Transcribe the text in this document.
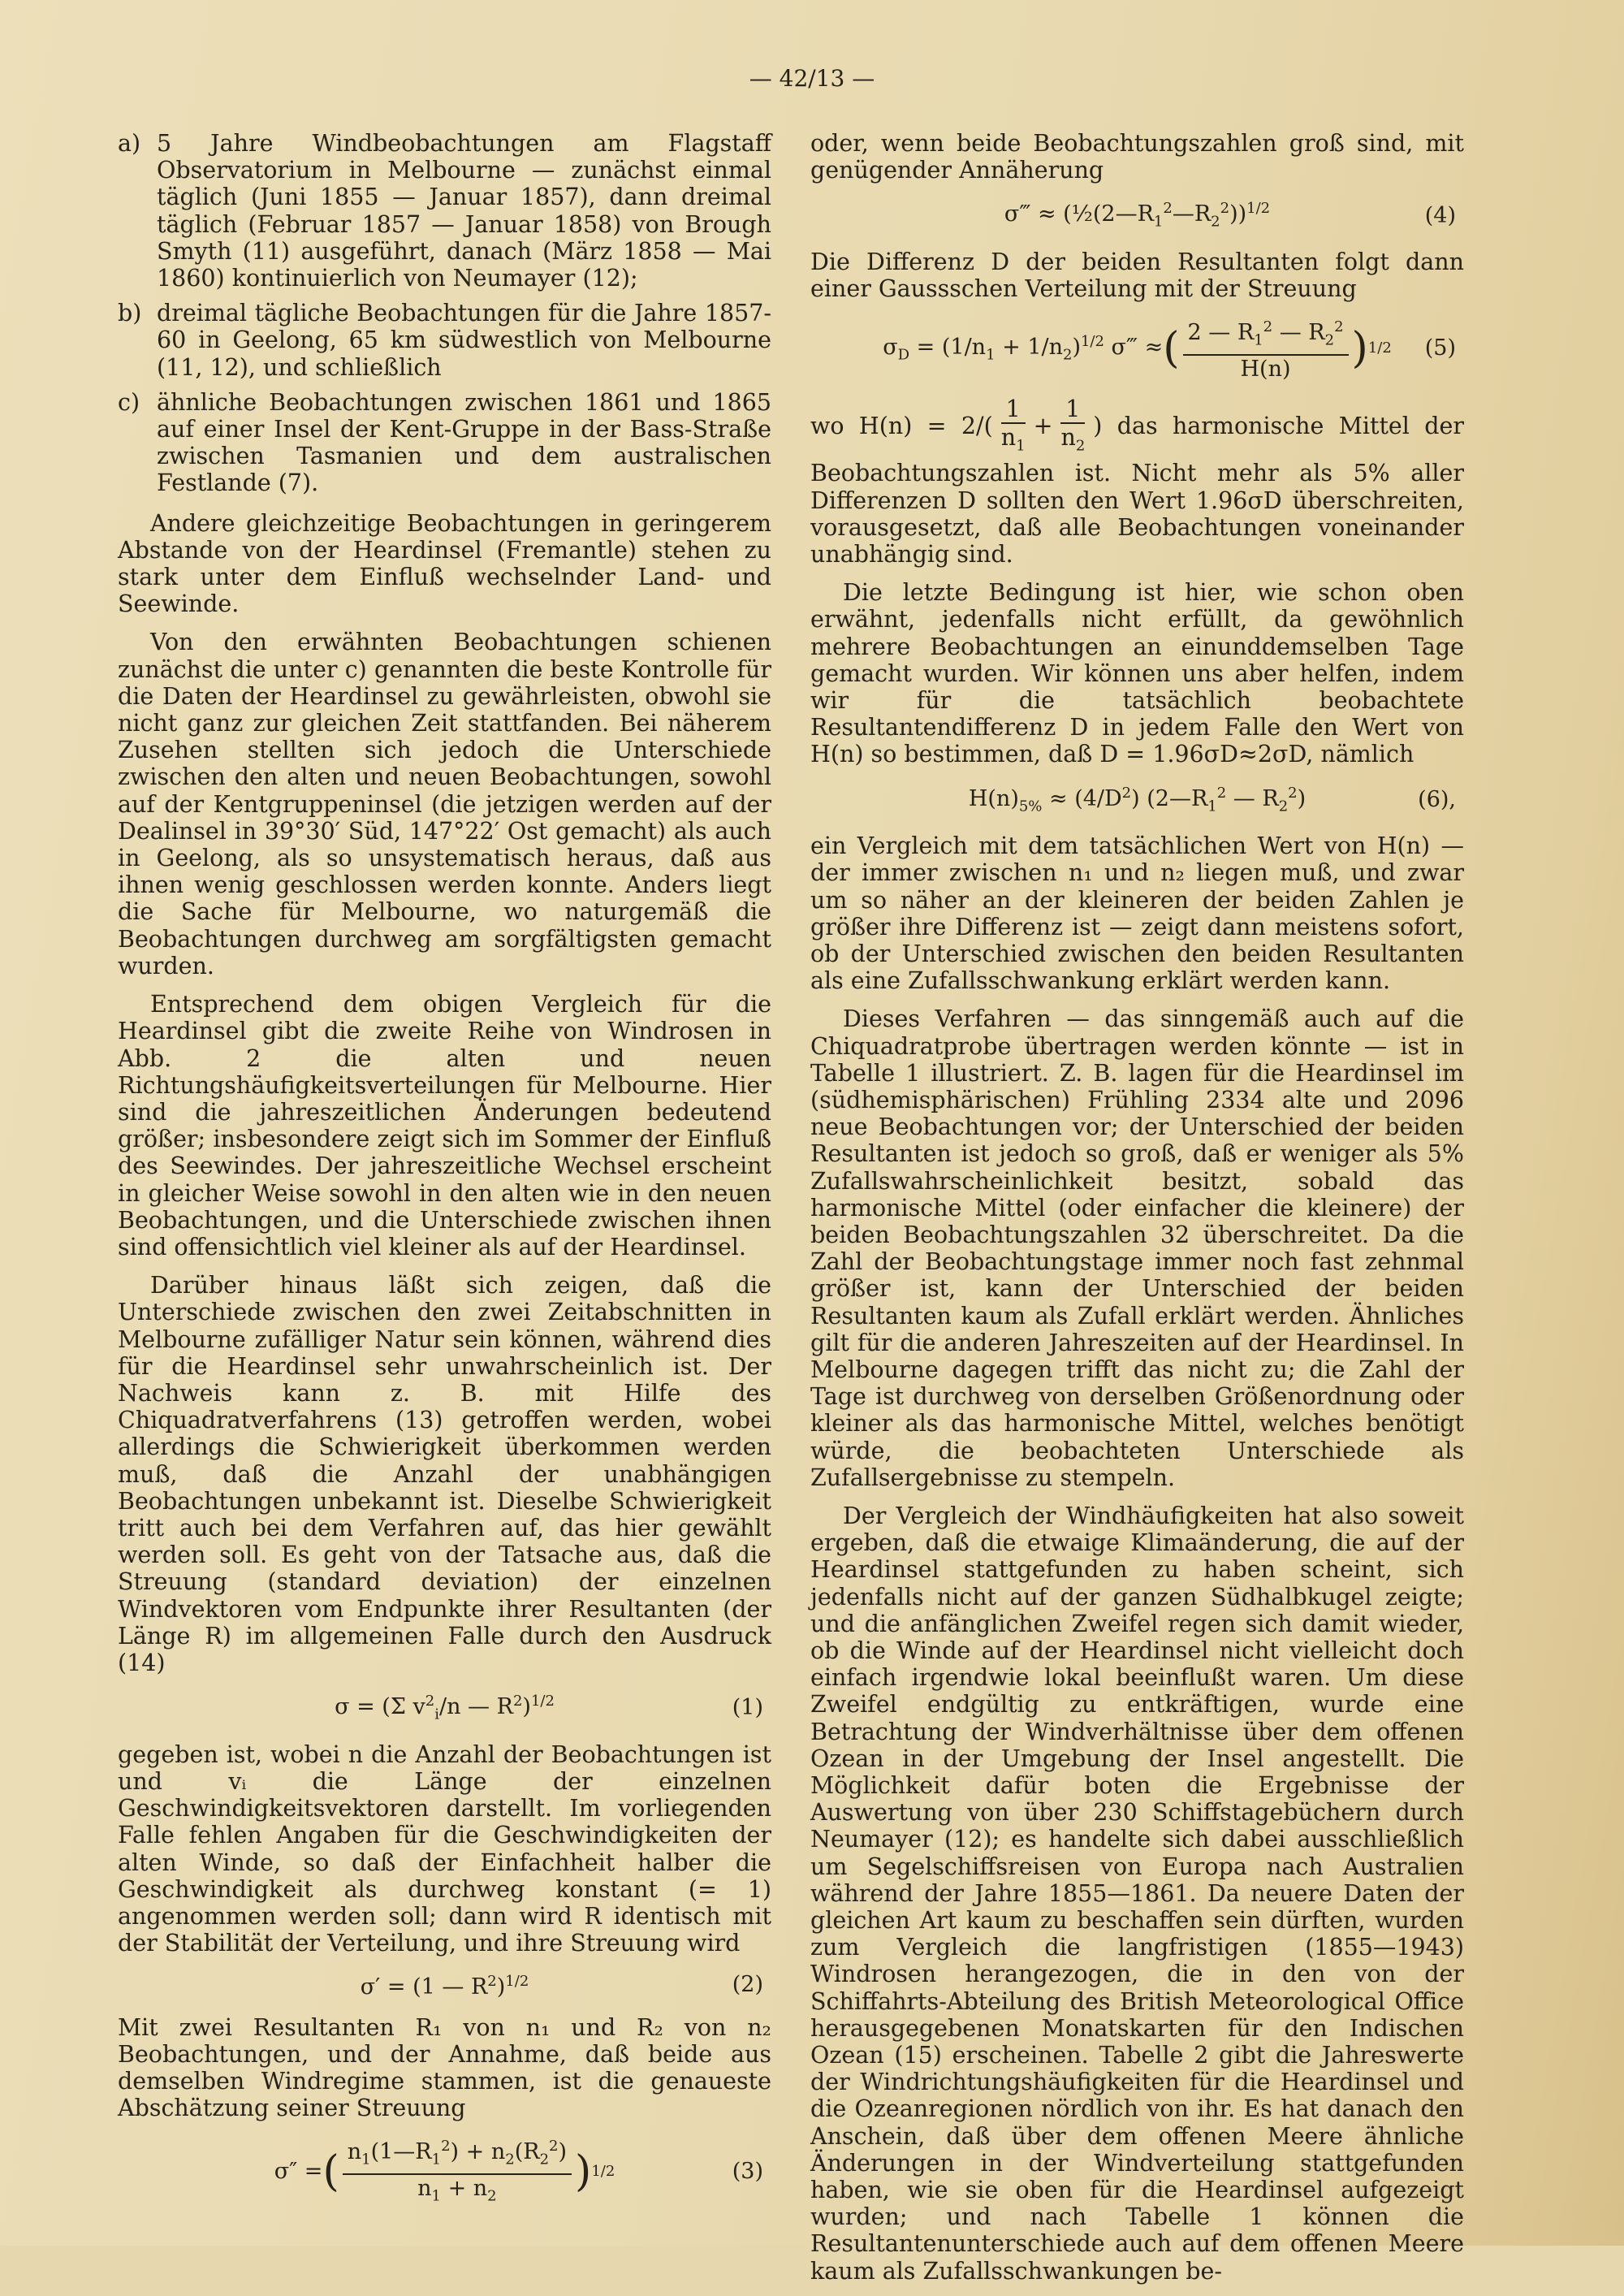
— 42/13 —
a) 5 Jahre Windbeobachtungen am Flagstaff Observatorium in Melbourne — zunächst einmal täglich (Juni 1855 — Januar 1857), dann dreimal täglich (Februar 1857 — Januar 1858) von Brough Smyth (11) ausgeführt, danach (März 1858 — Mai 1860) kontinuierlich von Neumayer (12);
b) dreimal tägliche Beobachtungen für die Jahre 1857-60 in Geelong, 65 km südwestlich von Melbourne (11, 12), und schließlich
c) ähnliche Beobachtungen zwischen 1861 und 1865 auf einer Insel der Kent-Gruppe in der Bass-Straße zwischen Tasmanien und dem australischen Festlande (7).

Andere gleichzeitige Beobachtungen in geringerem Abstande von der Heardinsel (Fremantle) stehen zu stark unter dem Einfluß wechselnder Land- und Seewinde.

Von den erwähnten Beobachtungen schienen zunächst die unter c) genannten die beste Kontrolle für die Daten der Heardinsel zu gewährleisten, obwohl sie nicht ganz zur gleichen Zeit stattfanden. Bei näherem Zusehen stellten sich jedoch die Unterschiede zwischen den alten und neuen Beobachtungen, sowohl auf der Kentgruppeninsel (die jetzigen werden auf der Dealinsel in 39°30′ Süd, 147°22′ Ost gemacht) als auch in Geelong, als so unsystematisch heraus, daß aus ihnen wenig geschlossen werden konnte. Anders liegt die Sache für Melbourne, wo naturgemäß die Beobachtungen durchweg am sorgfältigsten gemacht wurden.

Entsprechend dem obigen Vergleich für die Heardinsel gibt die zweite Reihe von Windrosen in Abb. 2 die alten und neuen Richtungshäufigkeitsverteilungen für Melbourne. Hier sind die jahreszeitlichen Änderungen bedeutend größer; insbesondere zeigt sich im Sommer der Einfluß des Seewindes. Der jahreszeitliche Wechsel erscheint in gleicher Weise sowohl in den alten wie in den neuen Beobachtungen, und die Unterschiede zwischen ihnen sind offensichtlich viel kleiner als auf der Heardinsel.

Darüber hinaus läßt sich zeigen, daß die Unterschiede zwischen den zwei Zeitabschnitten in Melbourne zufälliger Natur sein können, während dies für die Heardinsel sehr unwahrscheinlich ist. Der Nachweis kann z. B. mit Hilfe des Chiquadratverfahrens (13) getroffen werden, wobei allerdings die Schwierigkeit überkommen werden muß, daß die Anzahl der unabhängigen Beobachtungen unbekannt ist. Dieselbe Schwierigkeit tritt auch bei dem Verfahren auf, das hier gewählt werden soll. Es geht von der Tatsache aus, daß die Streuung (standard deviation) der einzelnen Windvektoren vom Endpunkte ihrer Resultanten (der Länge R) im allgemeinen Falle durch den Ausdruck (14)

σ = (Σ $v^2_i/n$ — $R^2)^{1/2}$	(1)

gegeben ist, wobei n die Anzahl der Beobachtungen ist und vᵢ die Länge der einzelnen Geschwindigkeitsvektoren darstellt. Im vorliegenden Falle fehlen Angaben für die Geschwindigkeiten der alten Winde, so daß der Einfachheit halber die Geschwindigkeit als durchweg konstant (= 1) angenommen werden soll; dann wird R identisch mit der Stabilität der Verteilung, und ihre Streuung wird

σ′ = (1 — $R^2)^{1/2}$	(2)

Mit zwei Resultanten R₁ von n₁ und R₂ von n₂ Beobachtungen, und der Annahme, daß beide aus demselben Windregime stammen, ist die genaueste Abschätzung seiner Streuung

σ″ = ( $\frac{n_1(1—R_1^2) + n_2(R_2^2)}{n_1 + n_2}$ ) 1/2	(3)

oder, wenn beide Beobachtungszahlen groß sind, mit genügender Annäherung

σ‴ ≈ $(\frac{1}{2}(2—R_1^2—R_2^2))^{1/2}$	(4)

Die Differenz D der beiden Resultanten folgt dann einer Gaussschen Verteilung mit der Streuung

$\sigma_D = (1/n_1 + 1/n_2)^{1/2}$ σ‴ ≈ ( $\frac{2 — R_1^2 — R_2^2}{H(n)}$ ) 1/2 (5)

wo $H(n) = 2/( \frac{1}{n_1} + \frac{1}{n_2}$ ) das harmonische Mittel der Beobachtungszahlen ist. Nicht mehr als 5% aller Differenzen D sollten den Wert 1.96σD überschreiten, vorausgesetzt, daß alle Beobachtungen voneinander unabhängig sind.

Die letzte Bedingung ist hier, wie schon oben erwähnt, jedenfalls nicht erfüllt, da gewöhnlich mehrere Beobachtungen an einunddemselben Tage gemacht wurden. Wir können uns aber helfen, indem wir für die tatsächlich beobachtete Resultantendifferenz D in jedem Falle den Wert von H(n) so bestimmen, daß D = 1.96σD≈2σD, nämlich

$H(n)_{5\%} \approx (4/D^2)$ ($2—R_1^2$ — $R_2^2$)	(6),

ein Vergleich mit dem tatsächlichen Wert von H(n) — der immer zwischen n₁ und n₂ liegen muß, und zwar um so näher an der kleineren der beiden Zahlen je größer ihre Differenz ist — zeigt dann meistens sofort, ob der Unterschied zwischen den beiden Resultanten als eine Zufallsschwankung erklärt werden kann.

Dieses Verfahren — das sinngemäß auch auf die Chiquadratprobe übertragen werden könnte — ist in Tabelle 1 illustriert. Z. B. lagen für die Heardinsel im (südhemisphärischen) Frühling 2334 alte und 2096 neue Beobachtungen vor; der Unterschied der beiden Resultanten ist jedoch so groß, daß er weniger als 5% Zufallswahrscheinlichkeit besitzt, sobald das harmonische Mittel (oder einfacher die kleinere) der beiden Beobachtungszahlen 32 überschreitet. Da die Zahl der Beobachtungstage immer noch fast zehnmal größer ist, kann der Unterschied der beiden Resultanten kaum als Zufall erklärt werden. Ähnliches gilt für die anderen Jahreszeiten auf der Heardinsel. In Melbourne dagegen trifft das nicht zu; die Zahl der Tage ist durchweg von derselben Größenordnung oder kleiner als das harmonische Mittel, welches benötigt würde, die beobachteten Unterschiede als Zufallsergebnisse zu stempeln.

Der Vergleich der Windhäufigkeiten hat also soweit ergeben, daß die etwaige Klimaänderung, die auf der Heardinsel stattgefunden zu haben scheint, sich jedenfalls nicht auf der ganzen Südhalbkugel zeigte; und die anfänglichen Zweifel regen sich damit wieder, ob die Winde auf der Heardinsel nicht vielleicht doch einfach irgendwie lokal beeinflußt waren. Um diese Zweifel endgültig zu entkräftigen, wurde eine Betrachtung der Windverhältnisse über dem offenen Ozean in der Umgebung der Insel angestellt. Die Möglichkeit dafür boten die Ergebnisse der Auswertung von über 230 Schiffstagebüchern durch Neumayer (12); es handelte sich dabei ausschließlich um Segelschiffsreisen von Europa nach Australien während der Jahre 1855—1861. Da neuere Daten der gleichen Art kaum zu beschaffen sein dürften, wurden zum Vergleich die langfristigen (1855—1943) Windrosen herangezogen, die in den von der Schiffahrts-Abteilung des British Meteorological Office herausgegebenen Monatskarten für den Indischen Ozean (15) erscheinen. Tabelle 2 gibt die Jahreswerte der Windrichtungshäufigkeiten für die Heardinsel und die Ozeanregionen nördlich von ihr. Es hat danach den Anschein, daß über dem offenen Meere ähnliche Änderungen in der Windverteilung stattgefunden haben, wie sie oben für die Heardinsel aufgezeigt wurden; und nach Tabelle 1 können die Resultantenunterschiede auch auf dem offenen Meere kaum als Zufallsschwankungen be-
